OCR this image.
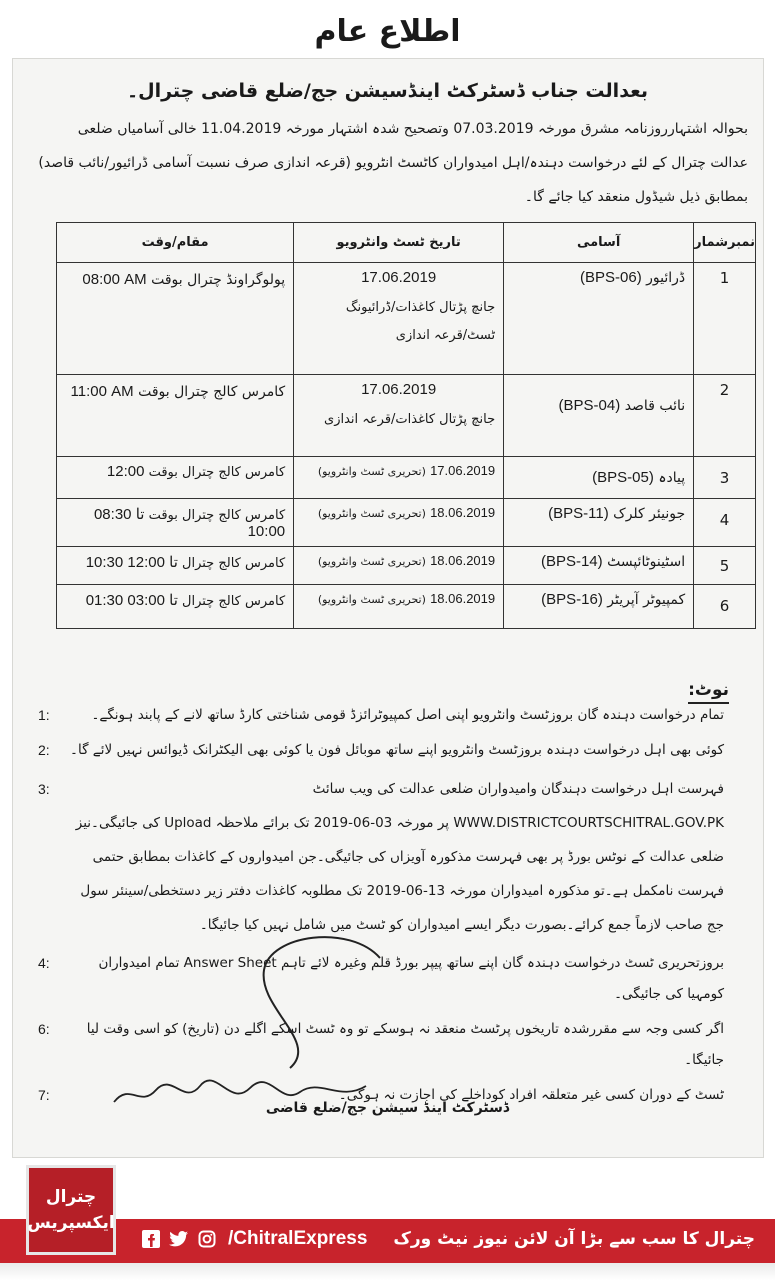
اطلاع عام
بعدالت جناب ڈسٹرکٹ اینڈسیشن جج/ضلع قاضی چترال۔

بحوالہ اشتہارروزنامہ مشرق مورخہ 07.03.2019 وتصحیح شدہ اشتہار مورخہ 11.04.2019 خالی آسامیاں ضلعی عدالت چترال کے لئے درخواست دہندہ/اہل امیدواران کاٹسٹ انٹرویو (قرعہ اندازی صرف نسبت آسامی ڈرائیور/نائب قاصد) بمطابق ذیل شیڈول منعقد کیا جائے گا۔

نمبرشمار	آسامی	تاریخ ٹسٹ وانٹرویو	مقام/وقت
1	ڈرائیور (BPS-06)	17.06.2019
جانچ پڑتال کاغذات/ڈرائیونگ
ٹسٹ/قرعہ اندازی	پولوگراونڈ چترال بوقت 08:00 AM

2	نائب قاصد (BPS-04)	17.06.2019
جانچ پڑتال کاغذات/قرعہ اندازی	کامرس کالج چترال بوقت 11:00 AM

3	پیادہ (BPS-05)	17.06.2019 (تحریری ٹسٹ وانٹرویو)	کامرس کالج چترال بوقت 12:00
4	جونیئر کلرک (BPS-11)	18.06.2019 (تحریری ٹسٹ وانٹرویو)	کامرس کالج چترال بوقت 08:30 تا 10:00
5	اسٹینوٹائپسٹ (BPS-14)	18.06.2019 (تحریری ٹسٹ وانٹرویو)	کامرس کالج چترال 10:30 تا 12:00
6	کمپیوٹر آپریٹر (BPS-16)	18.06.2019 (تحریری ٹسٹ وانٹرویو)	کامرس کالج چترال 01:30 تا 03:00
نوٹ:
:1	تمام درخواست دہندہ گان بروزٹسٹ وانٹرویو اپنی اصل کمپیوٹرائزڈ قومی شناختی کارڈ ساتھ لانے کے پابند ہونگے۔
:2	کوئی بھی اہل درخواست دہندہ بروزٹسٹ وانٹرویو اپنے ساتھ موبائل فون یا کوئی بھی الیکٹرانک ڈیوائس نہیں لائے گا۔
:3	فہرست اہل درخواست دہندگان وامیدواران ضلعی عدالت کی ویب سائٹ WWW.DISTRICTCOURTSCHITRAL.GOV.PK پر مورخہ 03-06-2019 تک برائے ملاحظہ Upload کی جائیگی۔نیز ضلعی عدالت کے نوٹس بورڈ پر بھی فہرست مذکورہ آویزاں کی جائیگی۔جن امیدواروں کے کاغذات بمطابق حتمی فہرست نامکمل ہے۔تو مذکورہ امیدواران مورخہ 13-06-2019 تک مطلوبہ کاغذات دفتر زیر دستخطی/سینئر سول جج صاحب لازماً جمع کرائے۔بصورت دیگر ایسے امیدواران کو ٹسٹ میں شامل نہیں کیا جائیگا۔
:4	بروزتحریری ٹسٹ درخواست دہندہ گان اپنے ساتھ پیپر بورڈ قلم وغیرہ لائے تاہم Answer Sheet تمام امیدواران کومہیا کی جائیگی۔
:6	اگر کسی وجہ سے مقررشدہ تاریخوں پرٹسٹ منعقد نہ ہوسکے تو وہ ٹسٹ اسکے اگلے دن (تاریخ) کو اسی وقت لیا جائیگا۔
:7	ٹسٹ کے دوران کسی غیر متعلقہ افراد کوداخلے کی اجازت نہ ہوگی۔
ڈسٹرکٹ اینڈ سیشن جج/ضلع قاضی
چترال
ایکسپریس
/ChitralExpress چترال کا سب سے بڑا آن لائن نیوز نیٹ ورک
